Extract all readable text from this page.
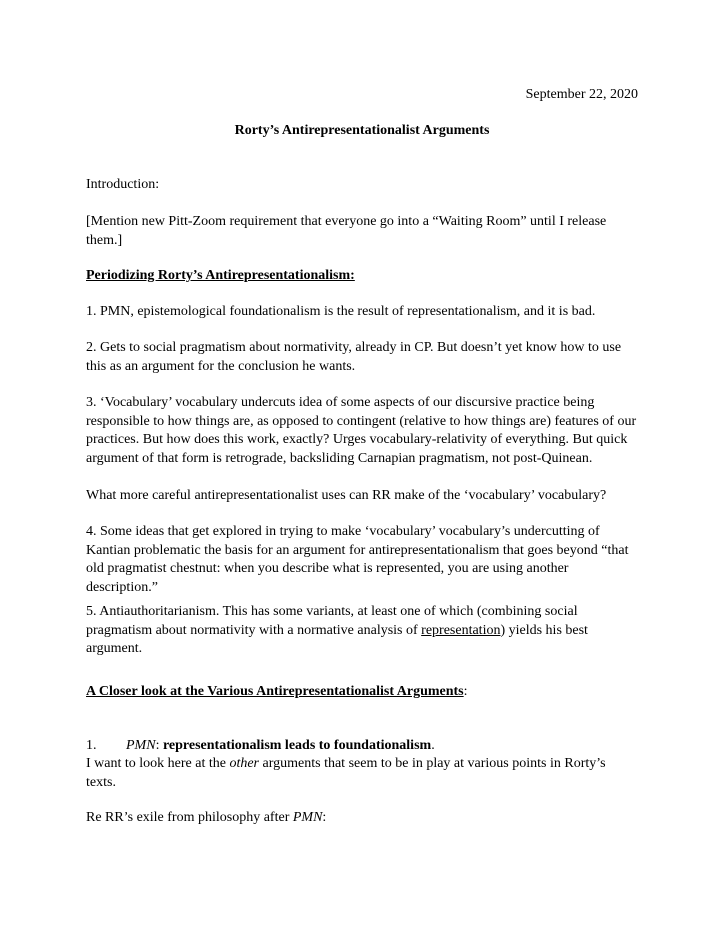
September 22, 2020
Rorty’s Antirepresentationalist Arguments

Introduction:

[Mention new Pitt-Zoom requirement that everyone go into a “Waiting Room” until I release them.]

Periodizing Rorty’s Antirepresentationalism:

1. PMN, epistemological foundationalism is the result of representationalism, and it is bad.

2. Gets to social pragmatism about normativity, already in CP. But doesn’t yet know how to use this as an argument for the conclusion he wants.

3. ‘Vocabulary’ vocabulary undercuts idea of some aspects of our discursive practice being responsible to how things are, as opposed to contingent (relative to how things are) features of our practices. But how does this work, exactly? Urges vocabulary-relativity of everything. But quick argument of that form is retrograde, backsliding Carnapian pragmatism, not post-Quinean.

What more careful antirepresentationalist uses can RR make of the ‘vocabulary’ vocabulary?

4. Some ideas that get explored in trying to make ‘vocabulary’ vocabulary’s undercutting of Kantian problematic the basis for an argument for antirepresentationalism that goes beyond “that old pragmatist chestnut: when you describe what is represented, you are using another description.”

5. Antiauthoritarianism. This has some variants, at least one of which (combining social pragmatism about normativity with a normative analysis of representation) yields his best argument.

A Closer look at the Various Antirepresentationalist Arguments:

1. PMN: representationalism leads to foundationalism.

I want to look here at the other arguments that seem to be in play at various points in Rorty’s texts.

Re RR’s exile from philosophy after PMN:
